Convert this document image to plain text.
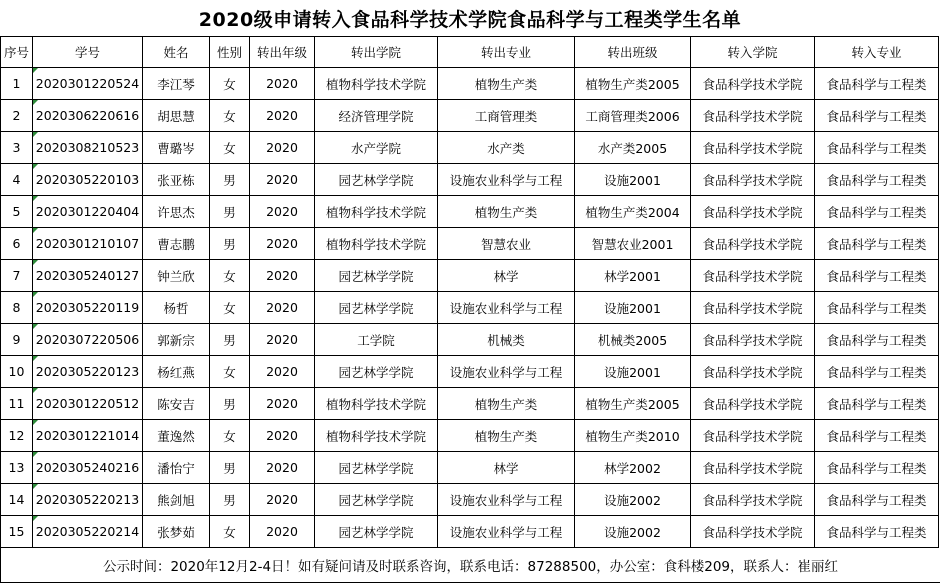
2020级申请转入食品科学技术学院食品科学与工程类学生名单
序号	学号	姓名	性别	转出年级	转出学院	转出专业	转出班级	转入学院	转入专业
1	2020301220524	李江琴	女	2020	植物科学技术学院	植物生产类	植物生产类2005	食品科学技术学院	食品科学与工程类
2	2020306220616	胡思慧	女	2020	经济管理学院	工商管理类	工商管理类2006	食品科学技术学院	食品科学与工程类
3	2020308210523	曹璐岑	女	2020	水产学院	水产类	水产类2005	食品科学技术学院	食品科学与工程类
4	2020305220103	张亚栋	男	2020	园艺林学学院	设施农业科学与工程	设施2001	食品科学技术学院	食品科学与工程类
5	2020301220404	许思杰	男	2020	植物科学技术学院	植物生产类	植物生产类2004	食品科学技术学院	食品科学与工程类
6	2020301210107	曹志鹏	男	2020	植物科学技术学院	智慧农业	智慧农业2001	食品科学技术学院	食品科学与工程类
7	2020305240127	钟兰欣	女	2020	园艺林学学院	林学	林学2001	食品科学技术学院	食品科学与工程类
8	2020305220119	杨哲	女	2020	园艺林学学院	设施农业科学与工程	设施2001	食品科学技术学院	食品科学与工程类
9	2020307220506	郭新宗	男	2020	工学院	机械类	机械类2005	食品科学技术学院	食品科学与工程类
10	2020305220123	杨红燕	女	2020	园艺林学学院	设施农业科学与工程	设施2001	食品科学技术学院	食品科学与工程类
11	2020301220512	陈安吉	男	2020	植物科学技术学院	植物生产类	植物生产类2005	食品科学技术学院	食品科学与工程类
12	2020301221014	董逸然	女	2020	植物科学技术学院	植物生产类	植物生产类2010	食品科学技术学院	食品科学与工程类
13	2020305240216	潘怡宁	男	2020	园艺林学学院	林学	林学2002	食品科学技术学院	食品科学与工程类
14	2020305220213	熊剑旭	男	2020	园艺林学学院	设施农业科学与工程	设施2002	食品科学技术学院	食品科学与工程类
15	2020305220214	张梦茹	女	2020	园艺林学学院	设施农业科学与工程	设施2002	食品科学技术学院	食品科学与工程类
公示时间：2020年12月2-4日！如有疑问请及时联系咨询，联系电话：87288500，办公室：食科楼209，联系人：崔丽红
